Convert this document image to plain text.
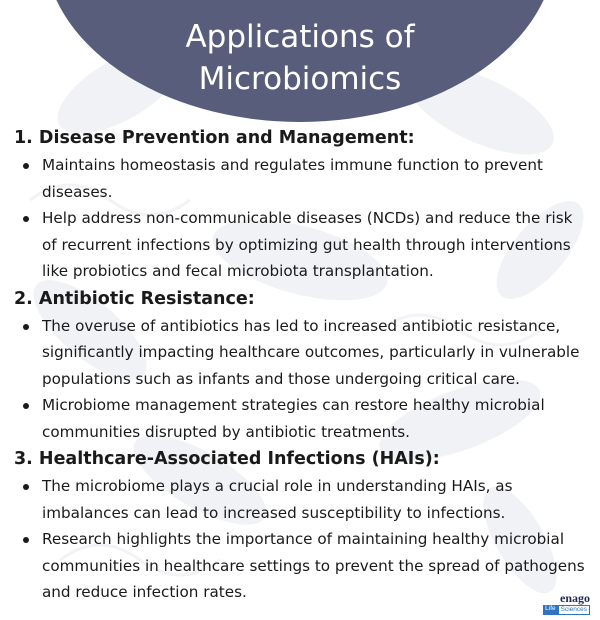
Applications of
Microbiomics
1. Disease Prevention and Management:
Maintains homeostasis and regulates immune function to prevent diseases.
Help address non-communicable diseases (NCDs) and reduce the risk of recurrent infections by optimizing gut health through interventions like probiotics and fecal microbiota transplantation.
2. Antibiotic Resistance:
The overuse of antibiotics has led to increased antibiotic resistance, significantly impacting healthcare outcomes, particularly in vulnerable populations such as infants and those undergoing critical care.
Microbiome management strategies can restore healthy microbial communities disrupted by antibiotic treatments.
3. Healthcare-Associated Infections (HAIs):
The microbiome plays a crucial role in understanding HAIs, as imbalances can lead to increased susceptibility to infections.
Research highlights the importance of maintaining healthy microbial communities in healthcare settings to prevent the spread of pathogens and reduce infection rates.	enago
Life Sciences
